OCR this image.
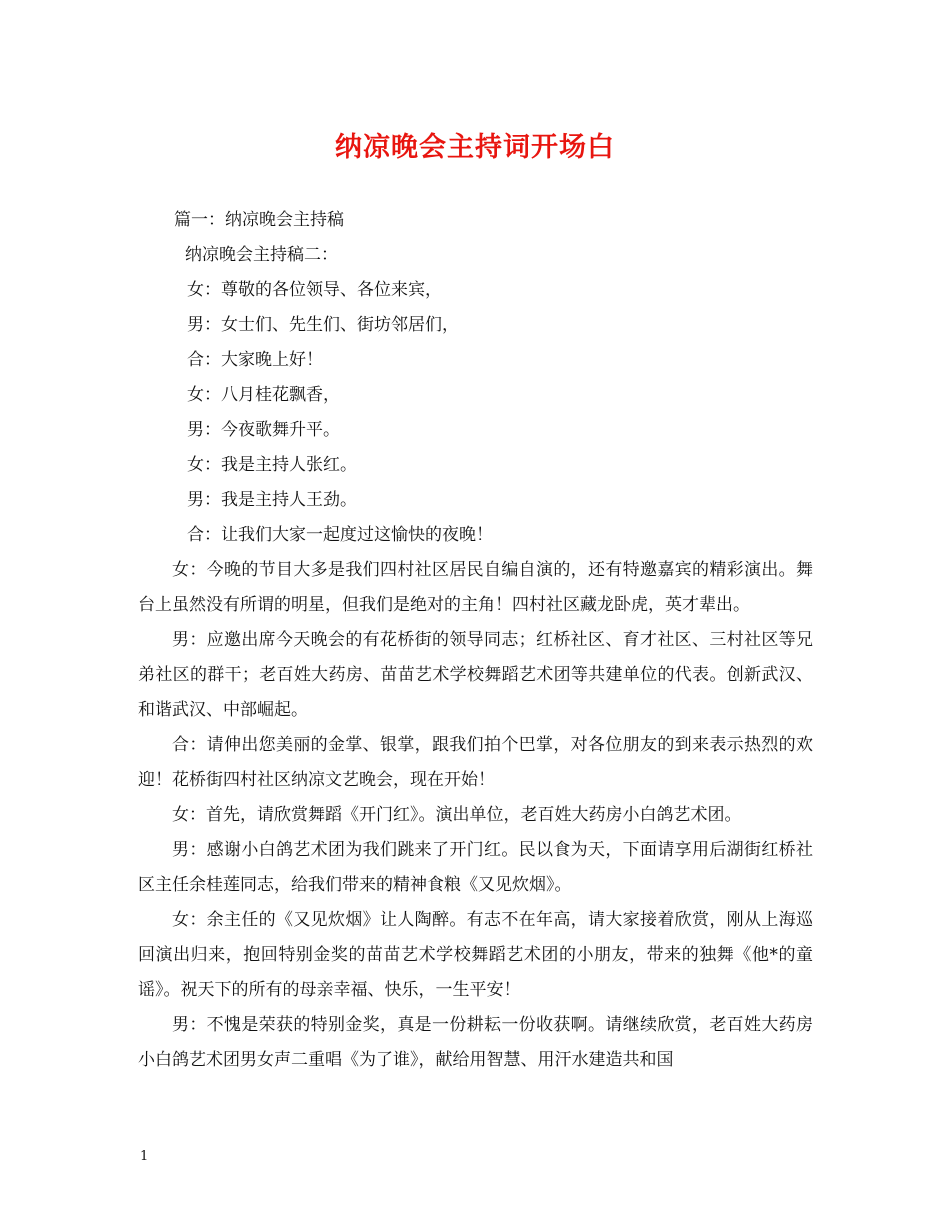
纳凉晚会主持词开场白
篇一：纳凉晚会主持稿
纳凉晚会主持稿二：
女：尊敬的各位领导、各位来宾，
男：女士们、先生们、街坊邻居们，
合：大家晚上好！
女：八月桂花飘香，
男：今夜歌舞升平。
女：我是主持人张红。
男：我是主持人王劲。
合：让我们大家一起度过这愉快的夜晚！
女：今晚的节目大多是我们四村社区居民自编自演的，还有特邀嘉宾的精彩演出。舞台上虽然没有所谓的明星，但我们是绝对的主角！四村社区藏龙卧虎，英才辈出。
男：应邀出席今天晚会的有花桥街的领导同志；红桥社区、育才社区、三村社区等兄弟社区的群干；老百姓大药房、苗苗艺术学校舞蹈艺术团等共建单位的代表。创新武汉、和谐武汉、中部崛起。
合：请伸出您美丽的金掌、银掌，跟我们拍个巴掌，对各位朋友的到来表示热烈的欢迎！花桥街四村社区纳凉文艺晚会，现在开始！
女：首先，请欣赏舞蹈《开门红》。演出单位，老百姓大药房小白鸽艺术团。
男：感谢小白鸽艺术团为我们跳来了开门红。民以食为天，下面请享用后湖街红桥社区主任余桂莲同志，给我们带来的精神食粮《又见炊烟》。
女：余主任的《又见炊烟》让人陶醉。有志不在年高，请大家接着欣赏，刚从上海巡回演出归来，抱回特别金奖的苗苗艺术学校舞蹈艺术团的小朋友，带来的独舞《他*的童谣》。祝天下的所有的母亲幸福、快乐，一生平安！
男：不愧是荣获的特别金奖，真是一份耕耘一份收获啊。请继续欣赏，老百姓大药房小白鸽艺术团男女声二重唱《为了谁》，献给用智慧、用汗水建造共和国
1
